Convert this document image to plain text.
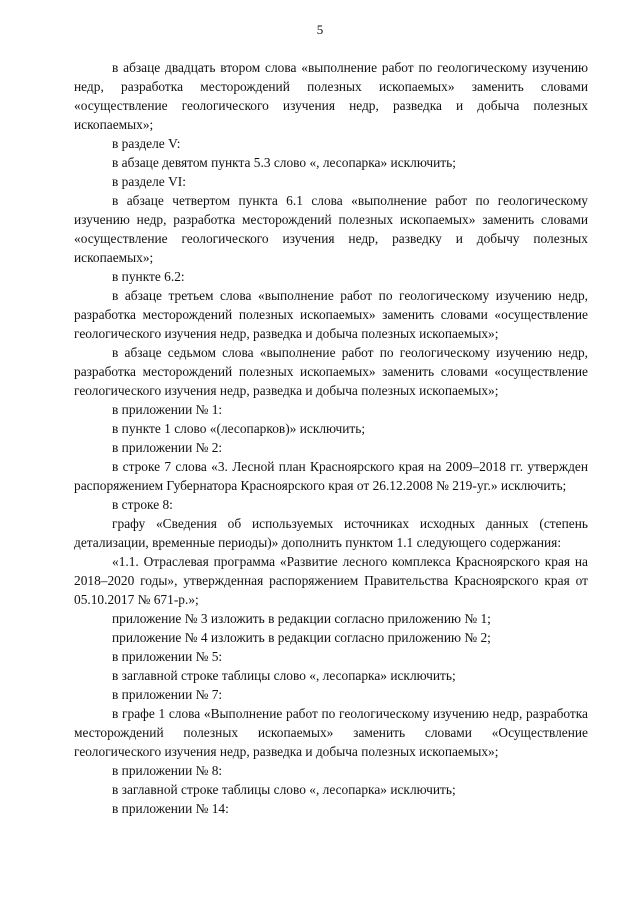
5

в абзаце двадцать втором слова «выполнение работ по геологическому изучению недр, разработка месторождений полезных ископаемых» заменить словами «осуществление геологического изучения недр, разведка и добыча полезных ископаемых»;

в разделе V:

в абзаце девятом пункта 5.3 слово «, лесопарка» исключить;

в разделе VI:

в абзаце четвертом пункта 6.1 слова «выполнение работ по геологическому изучению недр, разработка месторождений полезных ископаемых» заменить словами «осуществление геологического изучения недр, разведку и добычу полезных ископаемых»;

в пункте 6.2:

в абзаце третьем слова «выполнение работ по геологическому изучению недр, разработка месторождений полезных ископаемых» заменить словами «осуществление геологического изучения недр, разведка и добыча полезных ископаемых»;

в абзаце седьмом слова «выполнение работ по геологическому изучению недр, разработка месторождений полезных ископаемых» заменить словами «осуществление геологического изучения недр, разведка и добыча полезных ископаемых»;

в приложении № 1:

в пункте 1 слово «(лесопарков)» исключить;

в приложении № 2:

в строке 7 слова «3. Лесной план Красноярского края на 2009–2018 гг. утвержден распоряжением Губернатора Красноярского края от 26.12.2008 № 219-уг.» исключить;

в строке 8:

графу «Сведения об используемых источниках исходных данных (степень детализации, временные периоды)» дополнить пунктом 1.1 следующего содержания:

«1.1. Отраслевая программа «Развитие лесного комплекса Красноярского края на 2018–2020 годы», утвержденная распоряжением Правительства Красноярского края от 05.10.2017 № 671-р.»;

приложение № 3 изложить в редакции согласно приложению № 1;

приложение № 4 изложить в редакции согласно приложению № 2;

в приложении № 5:

в заглавной строке таблицы слово «, лесопарка» исключить;

в приложении № 7:

в графе 1 слова «Выполнение работ по геологическому изучению недр, разработка месторождений полезных ископаемых» заменить словами «Осуществление геологического изучения недр, разведка и добыча полезных ископаемых»;

в приложении № 8:

в заглавной строке таблицы слово «, лесопарка» исключить;

в приложении № 14:
